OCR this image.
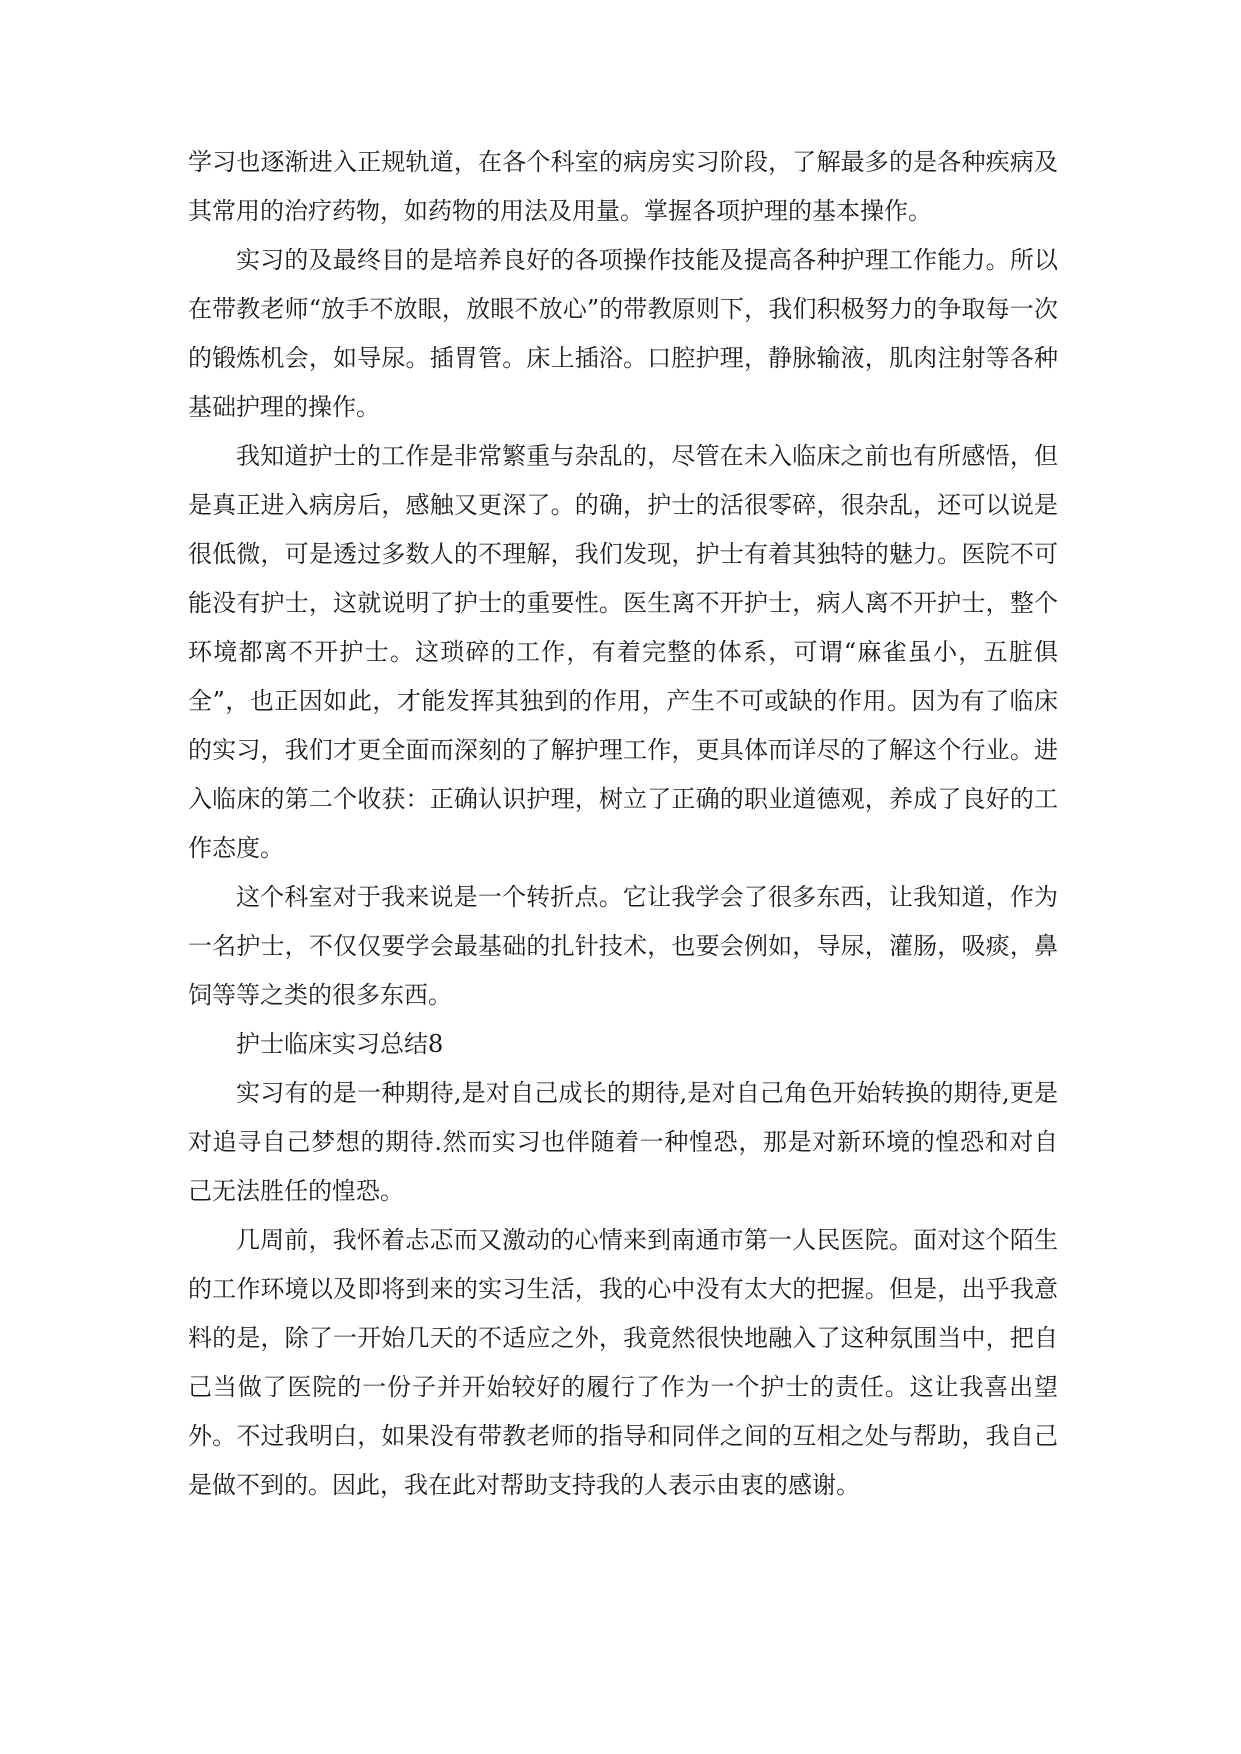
学习也逐渐进入正规轨道，在各个科室的病房实习阶段，了解最多的是各种疾病及其常用的治疗药物，如药物的用法及用量。掌握各项护理的基本操作。

实习的及最终目的是培养良好的各项操作技能及提高各种护理工作能力。所以在带教老师“放手不放眼，放眼不放心”的带教原则下，我们积极努力的争取每一次的锻炼机会，如导尿。插胃管。床上插浴。口腔护理，静脉输液，肌肉注射等各种基础护理的操作。

我知道护士的工作是非常繁重与杂乱的，尽管在未入临床之前也有所感悟，但是真正进入病房后，感触又更深了。的确，护士的活很零碎，很杂乱，还可以说是很低微，可是透过多数人的不理解，我们发现，护士有着其独特的魅力。医院不可能没有护士，这就说明了护士的重要性。医生离不开护士，病人离不开护士，整个环境都离不开护士。这琐碎的工作，有着完整的体系，可谓“麻雀虽小，五脏俱全”，也正因如此，才能发挥其独到的作用，产生不可或缺的作用。因为有了临床的实习，我们才更全面而深刻的了解护理工作，更具体而详尽的了解这个行业。进入临床的第二个收获：正确认识护理，树立了正确的职业道德观，养成了良好的工作态度。

这个科室对于我来说是一个转折点。它让我学会了很多东西，让我知道，作为一名护士，不仅仅要学会最基础的扎针技术，也要会例如，导尿，灌肠，吸痰，鼻饲等等之类的很多东西。

护士临床实习总结8

实习有的是一种期待,是对自己成长的期待,是对自己角色开始转换的期待,更是对追寻自己梦想的期待.然而实习也伴随着一种惶恐，那是对新环境的惶恐和对自己无法胜任的惶恐。

几周前，我怀着忐忑而又激动的心情来到南通市第一人民医院。面对这个陌生的工作环境以及即将到来的实习生活，我的心中没有太大的把握。但是，出乎我意料的是，除了一开始几天的不适应之外，我竟然很快地融入了这种氛围当中，把自己当做了医院的一份子并开始较好的履行了作为一个护士的责任。这让我喜出望外。不过我明白，如果没有带教老师的指导和同伴之间的互相之处与帮助，我自己是做不到的。因此，我在此对帮助支持我的人表示由衷的感谢。
